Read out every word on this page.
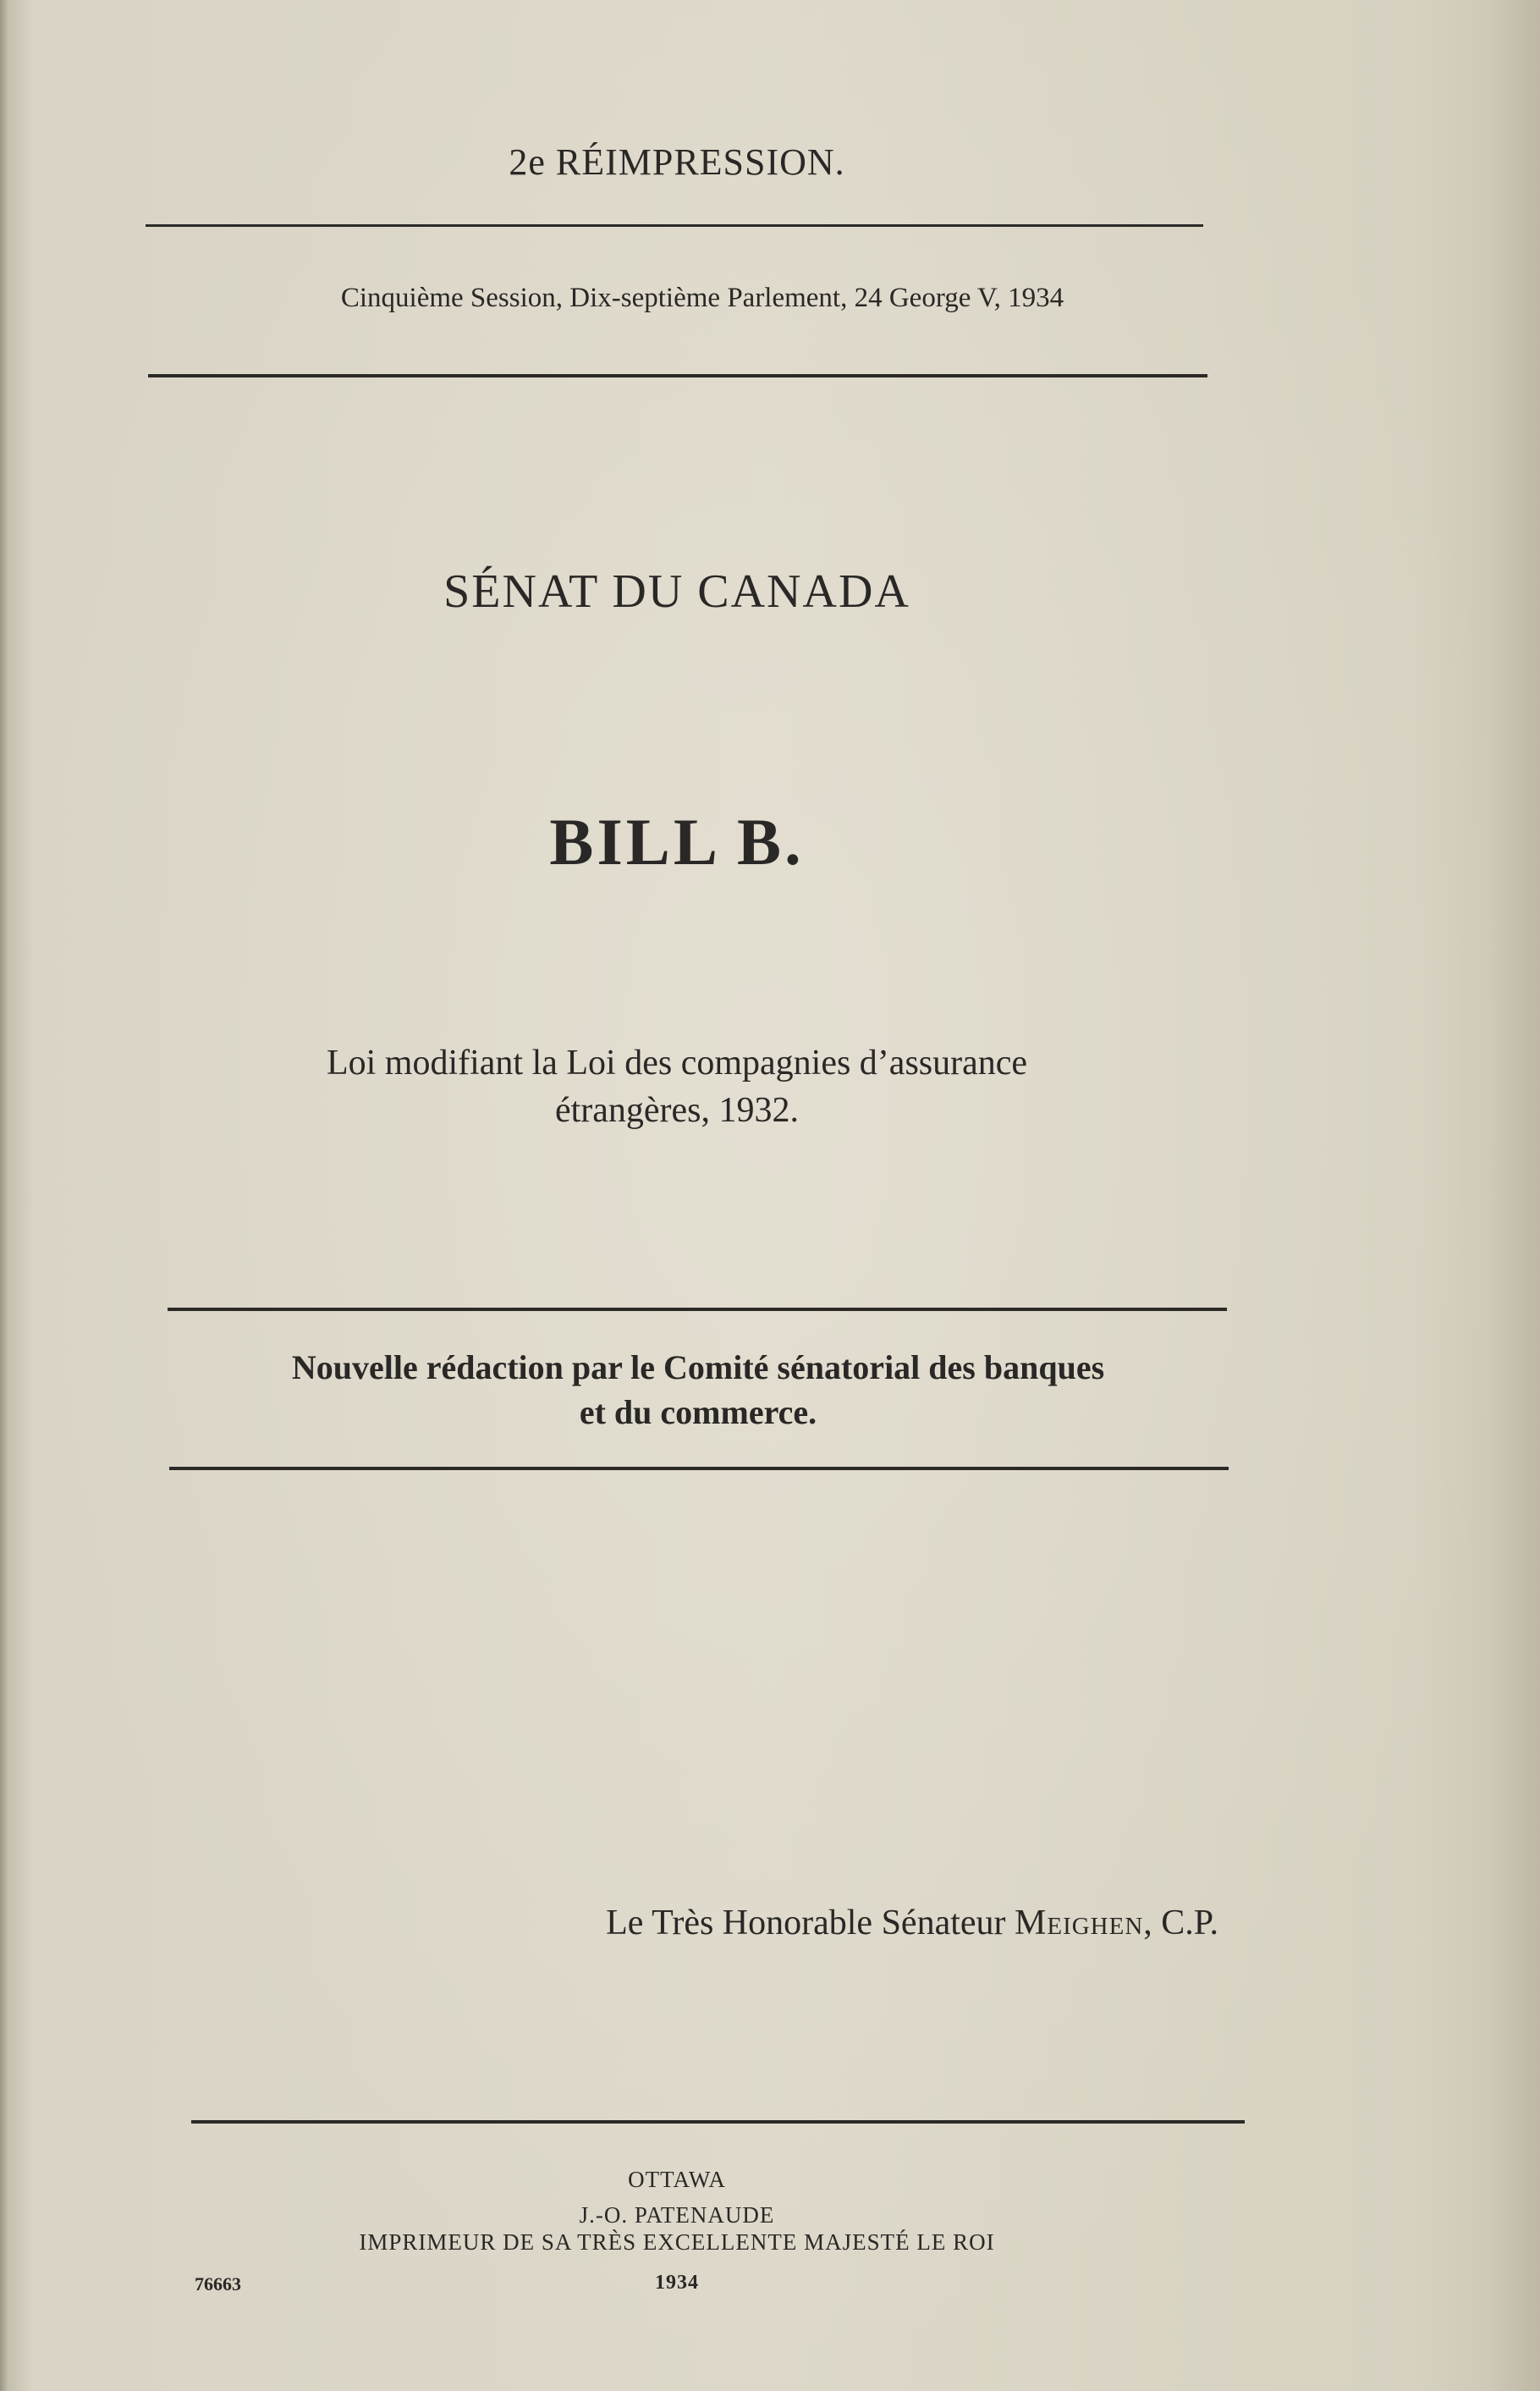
2e RÉIMPRESSION.
Cinquième Session, Dix-septième Parlement, 24 George V, 1934
SÉNAT DU CANADA
BILL B.
Loi modifiant la Loi des compagnies d’assurance
étrangères, 1932.
Nouvelle rédaction par le Comité sénatorial des banques
et du commerce.
Le Très Honorable Sénateur Meighen, C.P.
OTTAWA
J.-O. PATENAUDE
IMPRIMEUR DE SA TRÈS EXCELLENTE MAJESTÉ LE ROI
1934
76663
